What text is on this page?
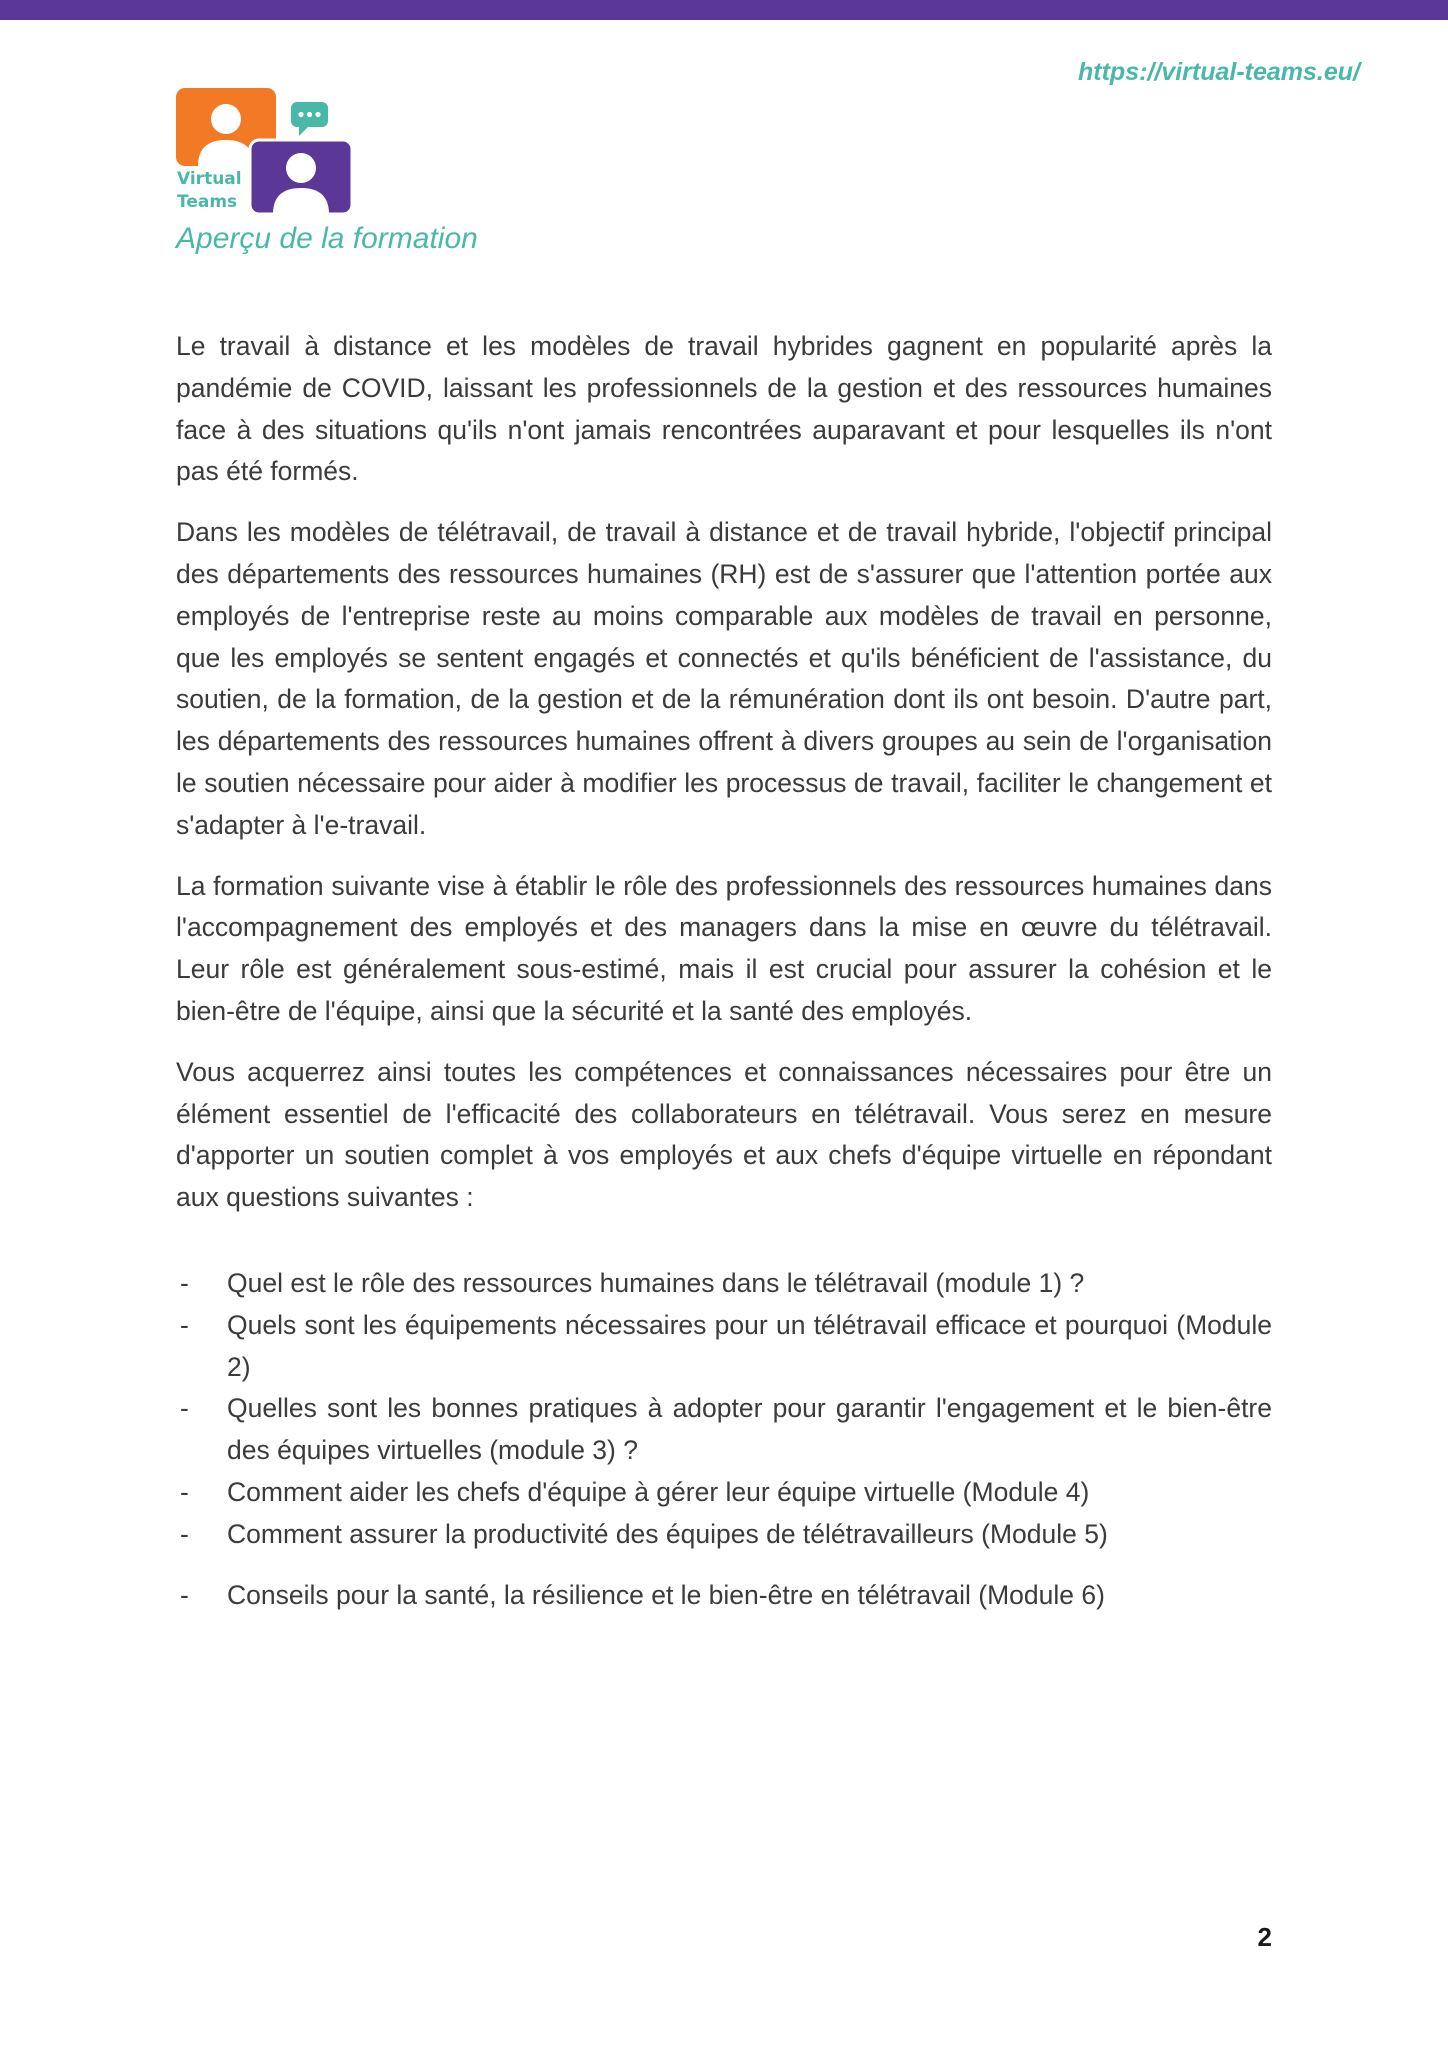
https://virtual-teams.eu/
Virtual
Teams
Aperçu de la formation

Le travail à distance et les modèles de travail hybrides gagnent en popularité après la pandémie de COVID, laissant les professionnels de la gestion et des ressources humaines face à des situations qu'ils n'ont jamais rencontrées auparavant et pour lesquelles ils n'ont pas été formés.

Dans les modèles de télétravail, de travail à distance et de travail hybride, l'objectif principal des départements des ressources humaines (RH) est de s'assurer que l'attention portée aux employés de l'entreprise reste au moins comparable aux modèles de travail en personne, que les employés se sentent engagés et connectés et qu'ils bénéficient de l'assistance, du soutien, de la formation, de la gestion et de la rémunération dont ils ont besoin. D'autre part, les départements des ressources humaines offrent à divers groupes au sein de l'organisation le soutien nécessaire pour aider à modifier les processus de travail, faciliter le changement et s'adapter à l'e-travail.

La formation suivante vise à établir le rôle des professionnels des ressources humaines dans l'accompagnement des employés et des managers dans la mise en œuvre du télétravail. Leur rôle est généralement sous-estimé, mais il est crucial pour assurer la cohésion et le bien-être de l'équipe, ainsi que la sécurité et la santé des employés.

Vous acquerrez ainsi toutes les compétences et connaissances nécessaires pour être un élément essentiel de l'efficacité des collaborateurs en télétravail. Vous serez en mesure d'apporter un soutien complet à vos employés et aux chefs d'équipe virtuelle en répondant aux questions suivantes :

- Quel est le rôle des ressources humaines dans le télétravail (module 1) ?
- Quels sont les équipements nécessaires pour un télétravail efficace et pourquoi (Module 2)
- Quelles sont les bonnes pratiques à adopter pour garantir l'engagement et le bien-être des équipes virtuelles (module 3) ?
- Comment aider les chefs d'équipe à gérer leur équipe virtuelle (Module 4)
- Comment assurer la productivité des équipes de télétravailleurs (Module 5)
- Conseils pour la santé, la résilience et le bien-être en télétravail (Module 6)
2
